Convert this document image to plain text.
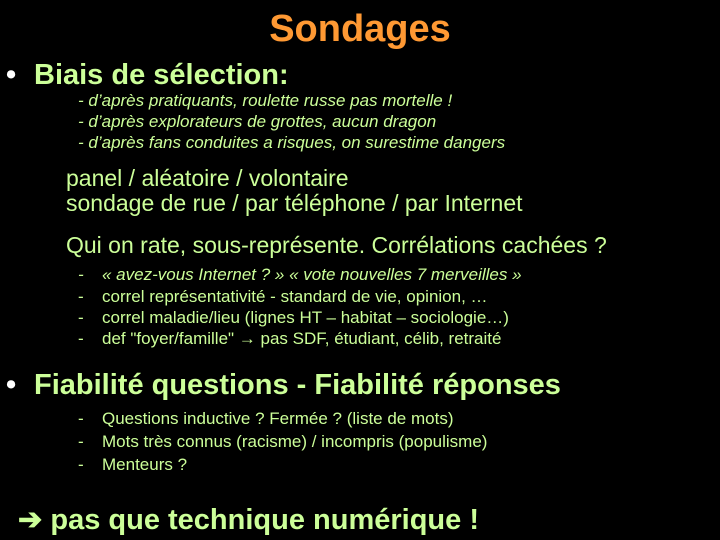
Sondages
• Biais de sélection:
- d’après pratiquants, roulette russe pas mortelle !
- d’après explorateurs de grottes, aucun dragon
- d’après fans conduites a risques, on surestime dangers
panel / aléatoire / volontaire
sondage de rue / par téléphone / par Internet
Qui on rate, sous-représente. Corrélations cachées ?
- « avez-vous Internet ? » « vote nouvelles 7 merveilles »
- correl représentativité - standard de vie, opinion, …
- correl maladie/lieu (lignes HT – habitat – sociologie…)
- def "foyer/famille" → pas SDF, étudiant, célib, retraité
• Fiabilité questions - Fiabilité réponses
- Questions inductive ? Fermée ? (liste de mots)
- Mots très connus (racisme) / incompris (populisme)
- Menteurs ?
➔ pas que technique numérique !
